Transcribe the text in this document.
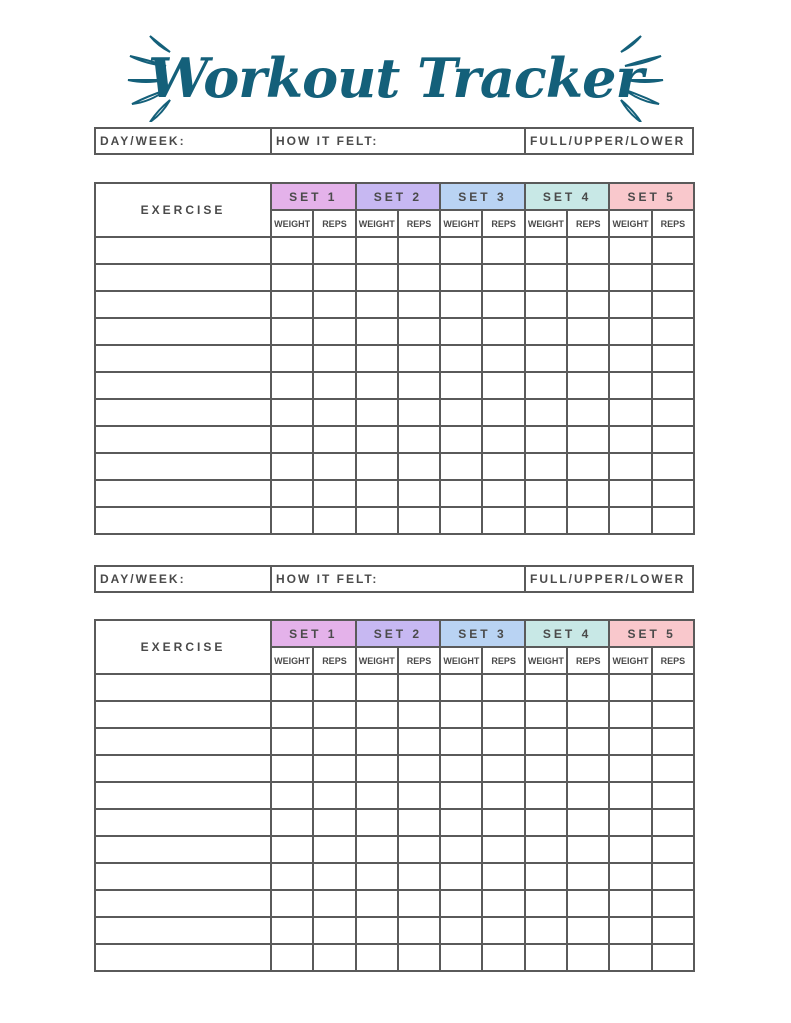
Workout Tracker
DAY/WEEK:	HOW IT FELT:	FULL/UPPER/LOWER
EXERCISE	SET 1		SET 2		SET 3		SET 4		SET 5	
	WEIGHT	REPS	WEIGHT	REPS	WEIGHT	REPS	WEIGHT	REPS	WEIGHT	REPS

DAY/WEEK:	HOW IT FELT:	FULL/UPPER/LOWER
EXERCISE	SET 1		SET 2		SET 3		SET 4		SET 5	
	WEIGHT	REPS	WEIGHT	REPS	WEIGHT	REPS	WEIGHT	REPS	WEIGHT	REPS
